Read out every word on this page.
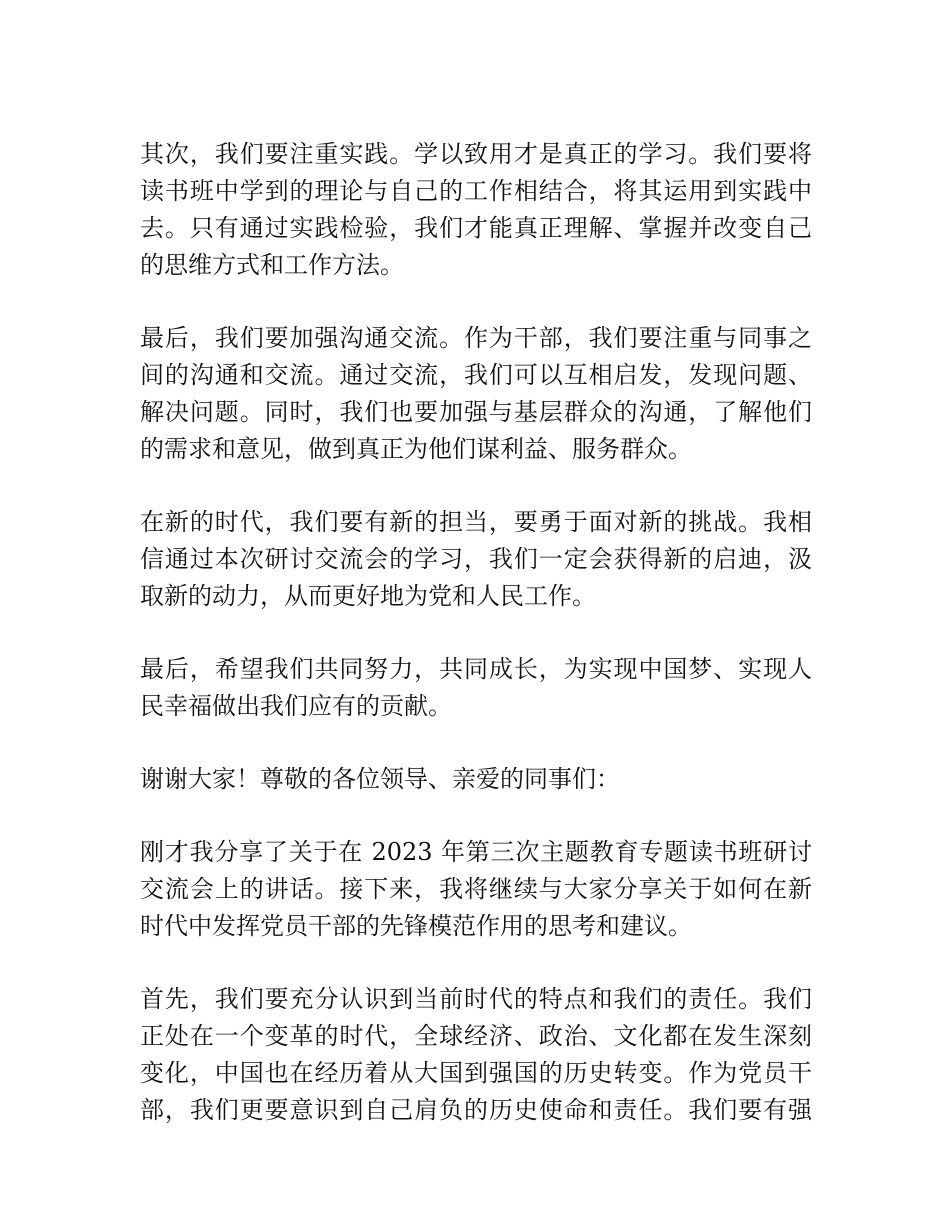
其次，我们要注重实践。学以致用才是真正的学习。我们要将
读书班中学到的理论与自己的工作相结合，将其运用到实践中
去。只有通过实践检验，我们才能真正理解、掌握并改变自己
的思维方式和工作方法。

最后，我们要加强沟通交流。作为干部，我们要注重与同事之
间的沟通和交流。通过交流，我们可以互相启发，发现问题、
解决问题。同时，我们也要加强与基层群众的沟通，了解他们
的需求和意见，做到真正为他们谋利益、服务群众。

在新的时代，我们要有新的担当，要勇于面对新的挑战。我相
信通过本次研讨交流会的学习，我们一定会获得新的启迪，汲
取新的动力，从而更好地为党和人民工作。

最后，希望我们共同努力，共同成长，为实现中国梦、实现人
民幸福做出我们应有的贡献。

谢谢大家！尊敬的各位领导、亲爱的同事们：

刚才我分享了关于在 2023 年第三次主题教育专题读书班研讨
交流会上的讲话。接下来，我将继续与大家分享关于如何在新
时代中发挥党员干部的先锋模范作用的思考和建议。

首先，我们要充分认识到当前时代的特点和我们的责任。我们
正处在一个变革的时代，全球经济、政治、文化都在发生深刻
变化，中国也在经历着从大国到强国的历史转变。作为党员干
部，我们更要意识到自己肩负的历史使命和责任。我们要有强
